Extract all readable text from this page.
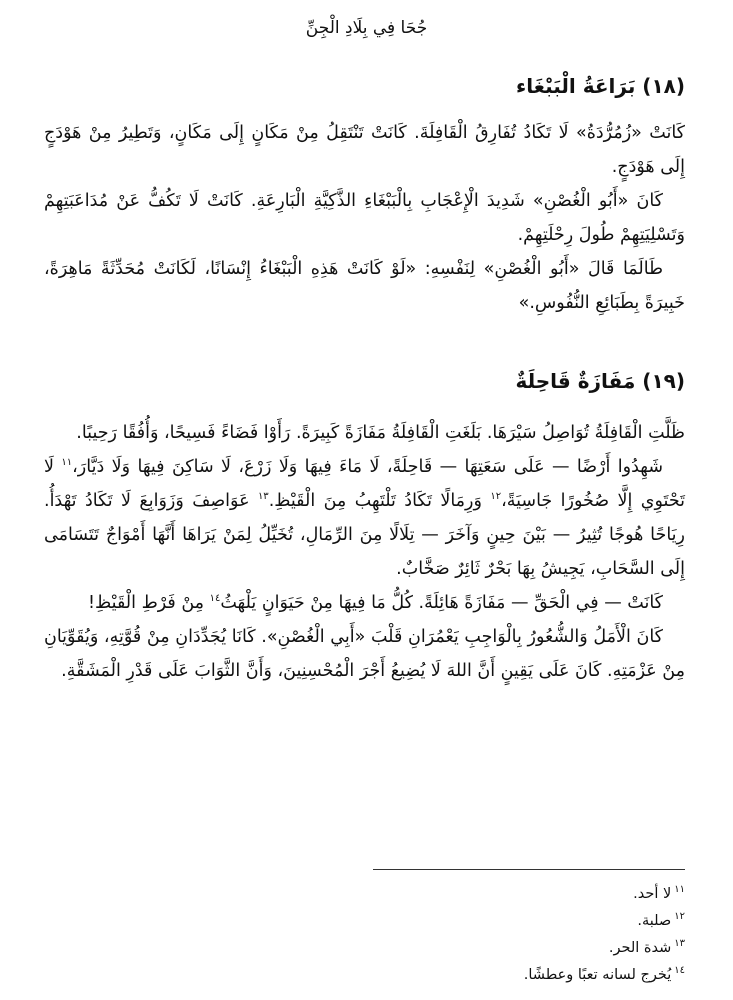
جُحَا فِي بِلَادِ الْجِنِّ
(١٨) بَرَاعَةُ الْبَبْغَاء

كَانَتْ «زُمُرُّدَةُ» لَا تَكَادُ تُفَارِقُ الْقَافِلَةَ. كَانَتْ تَنْتَقِلُ مِنْ مَكَانٍ إِلَى مَكَانٍ، وَتَطِيرُ مِنْ هَوْدَجٍ إِلَى هَوْدَجٍ.

كَانَ «أَبُو الْغُصْنِ» شَدِيدَ الْإِعْجَابِ بِالْبَبْغَاءِ الذَّكِيَّةِ الْبَارِعَةِ. كَانَتْ لَا تَكُفُّ عَنْ مُدَاعَبَتِهِمْ وَتَسْلِيَتِهِمْ طُولَ رِحْلَتِهِمْ.

طَالَمَا قَالَ «أَبُو الْغُصْنِ» لِنَفْسِهِ: «لَوْ كَانَتْ هَذِهِ الْبَبْغَاءُ إِنْسَانًا، لَكَانَتْ مُحَدِّثَةً مَاهِرَةً، خَبِيرَةً بِطَبَائِعِ النُّفُوسِ.»

(١٩) مَفَازَةٌ قَاحِلَةٌ

ظَلَّتِ الْقَافِلَةُ تُوَاصِلُ سَيْرَهَا. بَلَغَتِ الْقَافِلَةُ مَفَازَةً كَبِيرَةً. رَأَوْا فَضَاءً فَسِيحًا، وَأُفُقًا رَحِيبًا.

شَهِدُوا أَرْضًا — عَلَى سَعَتِهَا — قَاحِلَةً، لَا مَاءَ فِيهَا وَلَا زَرْعَ، لَا سَاكِنَ فِيهَا وَلَا دَيَّارَ،$^{١١}$ لَا تَحْتَوِي إِلَّا صُخُورًا جَاسِيَةً،$^{١٢}$ وَرِمَالًا تَكَادُ تَلْتَهِبُ مِنَ الْقَيْظِ.$^{١٣}$ عَوَاصِفَ وَزَوَابِعَ لَا تَكَادُ تَهْدَأُ. رِيَاحًا هُوجًا تُثِيرُ — بَيْنَ حِينٍ وَآخَرَ — تِلَالًا مِنَ الرِّمَالِ، تُخَيِّلُ لِمَنْ يَرَاهَا أَنَّهَا أَمْوَاجٌ تَتَسَامَى إِلَى السَّحَابِ، يَجِيشُ بِهَا بَحْرٌ ثَائِرٌ صَخَّابٌ.

كَانَتْ — فِي الْحَقِّ — مَفَازَةً هَائِلَةً. كُلُّ مَا فِيهَا مِنْ حَيَوَانٍ يَلْهَثُ$^{١٤}$ مِنْ فَرْطِ الْقَيْظِ!

كَانَ الْأَمَلُ وَالشُّعُورُ بِالْوَاجِبِ يَعْمُرَانِ قَلْبَ «أَبِي الْغُصْنِ». كَانَا يُجَدِّدَانِ مِنْ قُوَّتِهِ، وَيُقَوِّيَانِ مِنْ عَزْمَتِهِ. كَانَ عَلَى يَقِينٍ أَنَّ اللهَ لَا يُضِيعُ أَجْرَ الْمُحْسِنِينَ، وَأَنَّ الثَّوَابَ عَلَى قَدْرِ الْمَشَقَّةِ.

$^{١١}$لا أحد.
$^{١٢}$صلبة.
$^{١٣}$شدة الحر.
$^{١٤}$يُخرج لسانه تعبًا وعطشًا.
